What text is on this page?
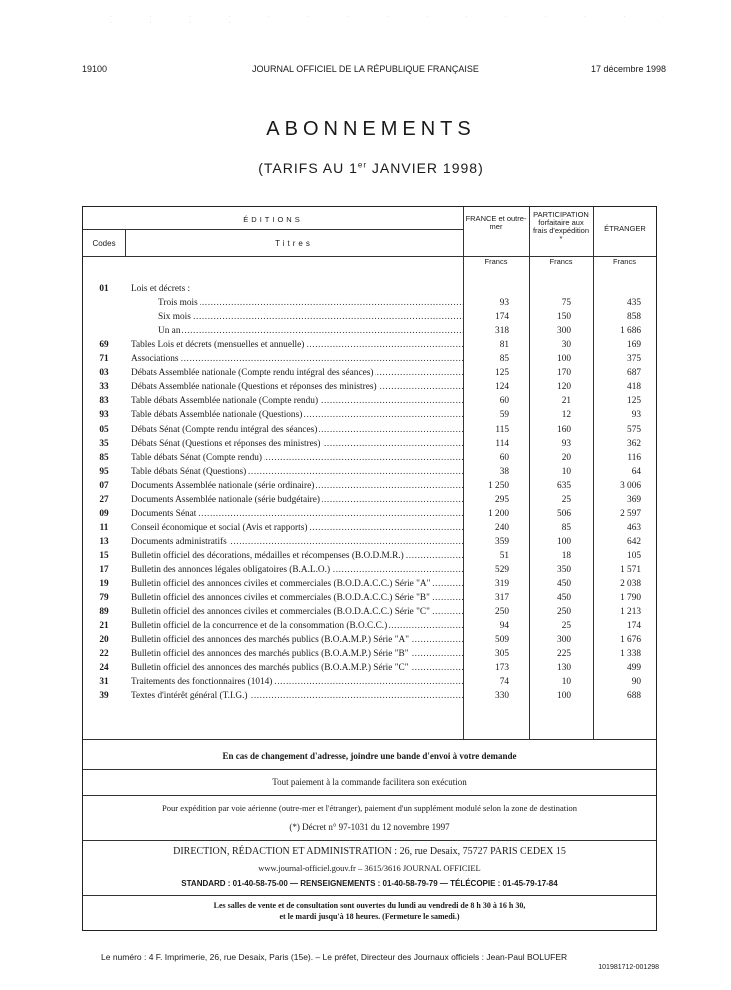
· · · · · · · · · · · · · · · · · · ·
19100	JOURNAL OFFICIEL DE LA RÉPUBLIQUE FRANÇAISE	17 décembre 1998
ABONNEMENTS
(TARIFS AU 1er JANVIER 1998)
ÉDITIONS
Codes	Titres
FRANCE et outre-mer
PARTICIPATION forfaitaire aux frais d'expédition *
ÉTRANGER
Francs	Francs	Francs
01	Lois et décrets :
Trois mois .....	93	75	435
Six mois .....	174	150	858
Un an .....	318	300	1 686
69	Tables Lois et décrets (mensuelles et annuelle) .....	81	30	169
71	Associations .....	85	100	375
03	Débats Assemblée nationale (Compte rendu intégral des séances) .....	125	170	687
33	Débats Assemblée nationale (Questions et réponses des ministres) .....	124	120	418
83	Table débats Assemblée nationale (Compte rendu) .....	60	21	125
93	Table débats Assemblée nationale (Questions) .....	59	12	93
05	Débats Sénat (Compte rendu intégral des séances) .....	115	160	575
35	Débats Sénat (Questions et réponses des ministres) .....	114	93	362
85	Table débats Sénat (Compte rendu) .....	60	20	116
95	Table débats Sénat (Questions) .....	38	10	64
07	Documents Assemblée nationale (série ordinaire) .....	1 250	635	3 006
27	Documents Assemblée nationale (série budgétaire) .....	295	25	369
09	Documents Sénat .....	1 200	506	2 597
11	Conseil économique et social (Avis et rapports) .....	240	85	463
13	Documents administratifs .....	359	100	642
15	Bulletin officiel des décorations, médailles et récompenses (B.O.D.M.R.) .....	51	18	105
17	Bulletin des annonces légales obligatoires (B.A.L.O.) .....	529	350	1 571
19	Bulletin officiel des annonces civiles et commerciales (B.O.D.A.C.C.) Série "A" .....	319	450	2 038
79	Bulletin officiel des annonces civiles et commerciales (B.O.D.A.C.C.) Série "B" .....	317	450	1 790
89	Bulletin officiel des annonces civiles et commerciales (B.O.D.A.C.C.) Série "C" .....	250	250	1 213
21	Bulletin officiel de la concurrence et de la consommation (B.O.C.C.) .....	94	25	174
20	Bulletin officiel des annonces des marchés publics (B.O.A.M.P.) Série "A" .....	509	300	1 676
22	Bulletin officiel des annonces des marchés publics (B.O.A.M.P.) Série "B" .....	305	225	1 338
24	Bulletin officiel des annonces des marchés publics (B.O.A.M.P.) Série "C" .....	173	130	499
31	Traitements des fonctionnaires (1014) .....	74	10	90
39	Textes d'intérêt général (T.I.G.) .....	330	100	688
En cas de changement d'adresse, joindre une bande d'envoi à votre demande
Tout paiement à la commande facilitera son exécution
Pour expédition par voie aérienne (outre-mer et l'étranger), paiement d'un supplément modulé selon la zone de destination
(*) Décret n° 97-1031 du 12 novembre 1997
DIRECTION, RÉDACTION ET ADMINISTRATION : 26, rue Desaix, 75727 PARIS CEDEX 15
www.journal-officiel.gouv.fr – 3615/3616 JOURNAL OFFICIEL
STANDARD : 01-40-58-75-00 — RENSEIGNEMENTS : 01-40-58-79-79 — TÉLÉCOPIE : 01-45-79-17-84
Les salles de vente et de consultation sont ouvertes du lundi au vendredi de 8 h 30 à 16 h 30,
et le mardi jusqu'à 18 heures. (Fermeture le samedi.)
Le numéro : 4 F. Imprimerie, 26, rue Desaix, Paris (15e). – Le préfet, Directeur des Journaux officiels : Jean-Paul BOLUFER
101981712-001298
